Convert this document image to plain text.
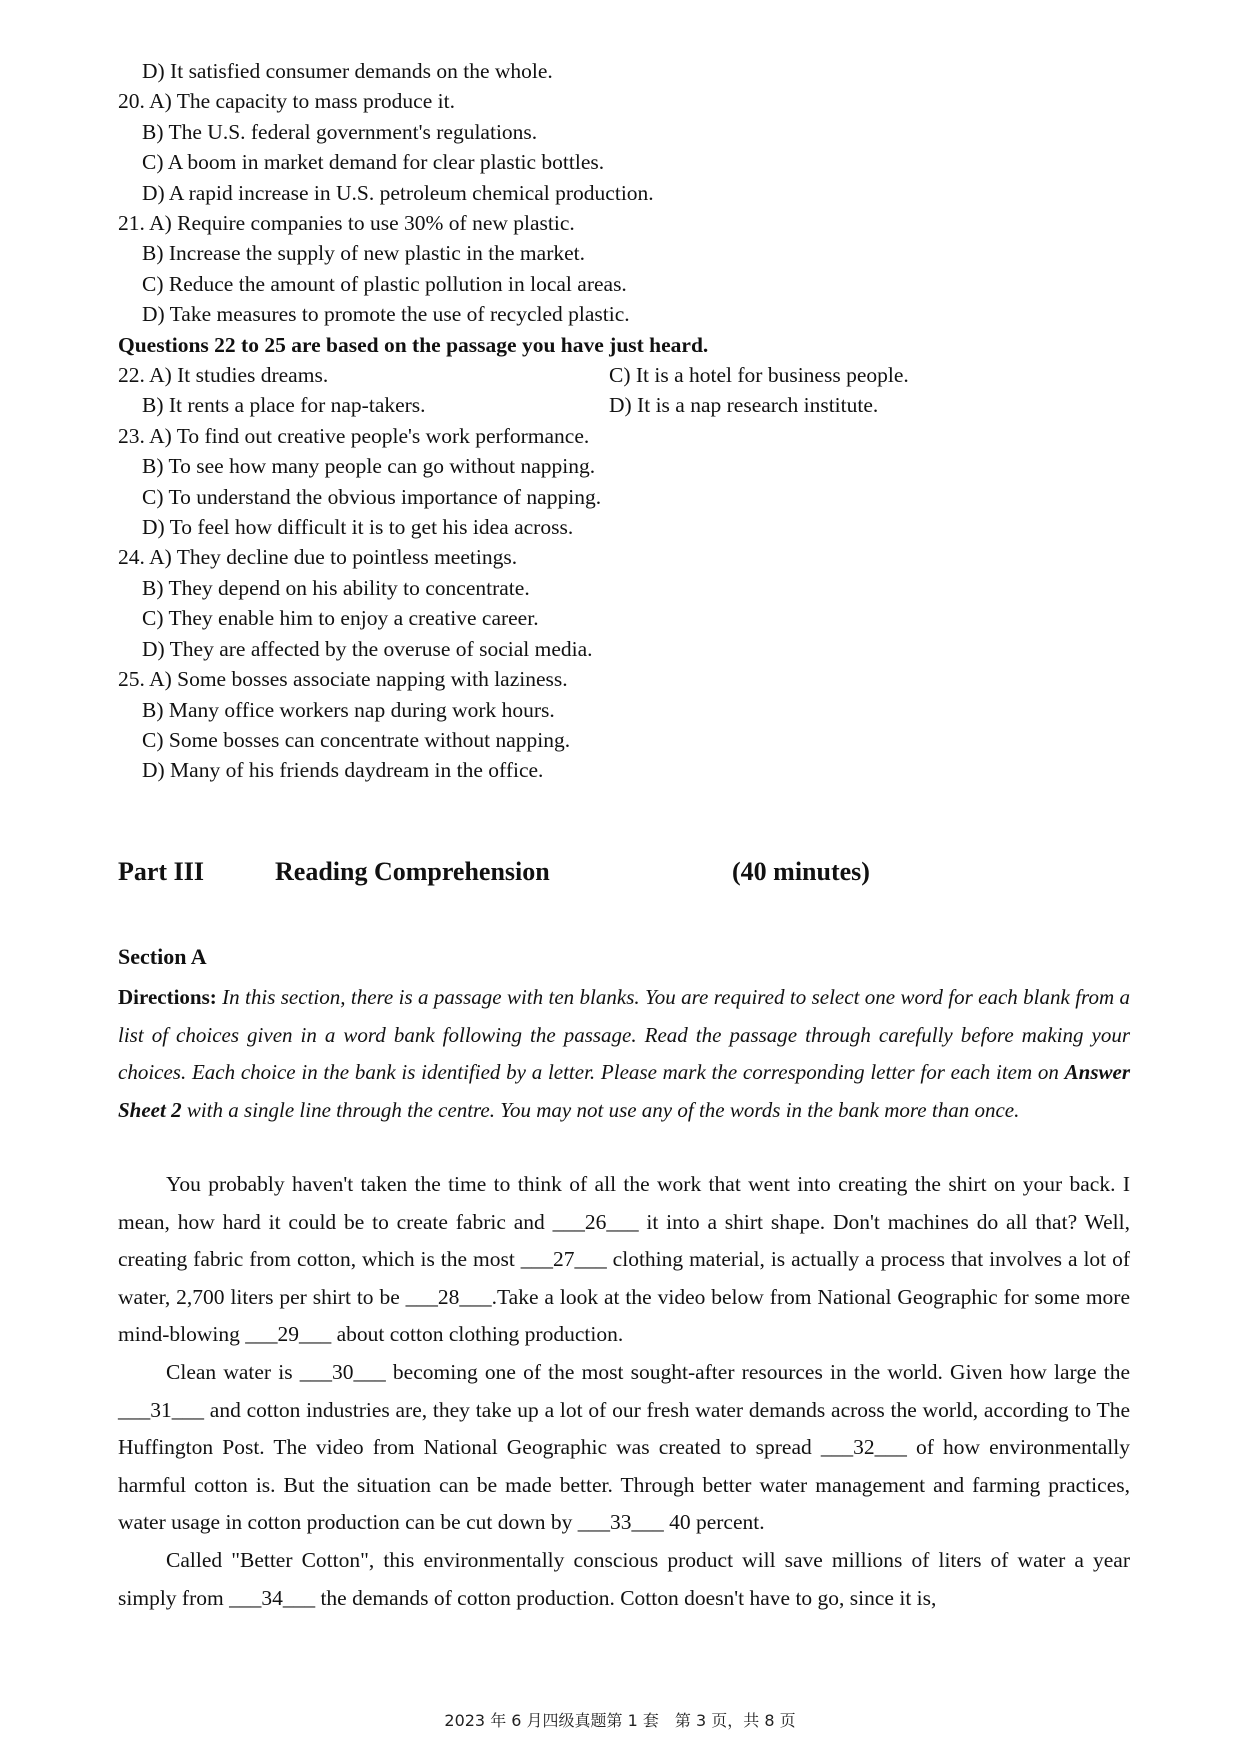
D) It satisfied consumer demands on the whole.
20. A) The capacity to mass produce it.
B) The U.S. federal government's regulations.
C) A boom in market demand for clear plastic bottles.
D) A rapid increase in U.S. petroleum chemical production.
21. A) Require companies to use 30% of new plastic.
B) Increase the supply of new plastic in the market.
C) Reduce the amount of plastic pollution in local areas.
D) Take measures to promote the use of recycled plastic.
Questions 22 to 25 are based on the passage you have just heard.
22. A) It studies dreams.	C) It is a hotel for business people.
B) It rents a place for nap-takers.	D) It is a nap research institute.
23. A) To find out creative people's work performance.
B) To see how many people can go without napping.
C) To understand the obvious importance of napping.
D) To feel how difficult it is to get his idea across.
24. A) They decline due to pointless meetings.
B) They depend on his ability to concentrate.
C) They enable him to enjoy a creative career.
D) They are affected by the overuse of social media.
25. A) Some bosses associate napping with laziness.
B) Many office workers nap during work hours.
C) Some bosses can concentrate without napping.
D) Many of his friends daydream in the office.
Part III	Reading Comprehension	(40 minutes)
Section A
Directions: In this section, there is a passage with ten blanks. You are required to select one word for each blank from a list of choices given in a word bank following the passage. Read the passage through carefully before making your choices. Each choice in the bank is identified by a letter. Please mark the corresponding letter for each item on Answer Sheet 2 with a single line through the centre. You may not use any of the words in the bank more than once.

You probably haven't taken the time to think of all the work that went into creating the shirt on your back. I mean, how hard it could be to create fabric and ___26___ it into a shirt shape. Don't machines do all that? Well, creating fabric from cotton, which is the most ___27___ clothing material, is actually a process that involves a lot of water, 2,700 liters per shirt to be ___28___.Take a look at the video below from National Geographic for some more mind-blowing ___29___ about cotton clothing production.

Clean water is ___30___ becoming one of the most sought-after resources in the world. Given how large the ___31___ and cotton industries are, they take up a lot of our fresh water demands across the world, according to The Huffington Post. The video from National Geographic was created to spread ___32___ of how environmentally harmful cotton is. But the situation can be made better. Through better water management and farming practices, water usage in cotton production can be cut down by ___33___ 40 percent.

Called "Better Cotton", this environmentally conscious product will save millions of liters of water a year simply from ___34___ the demands of cotton production. Cotton doesn't have to go, since it is,

2023 年 6 月四级真题第 1 套　第 3 页，共 8 页
